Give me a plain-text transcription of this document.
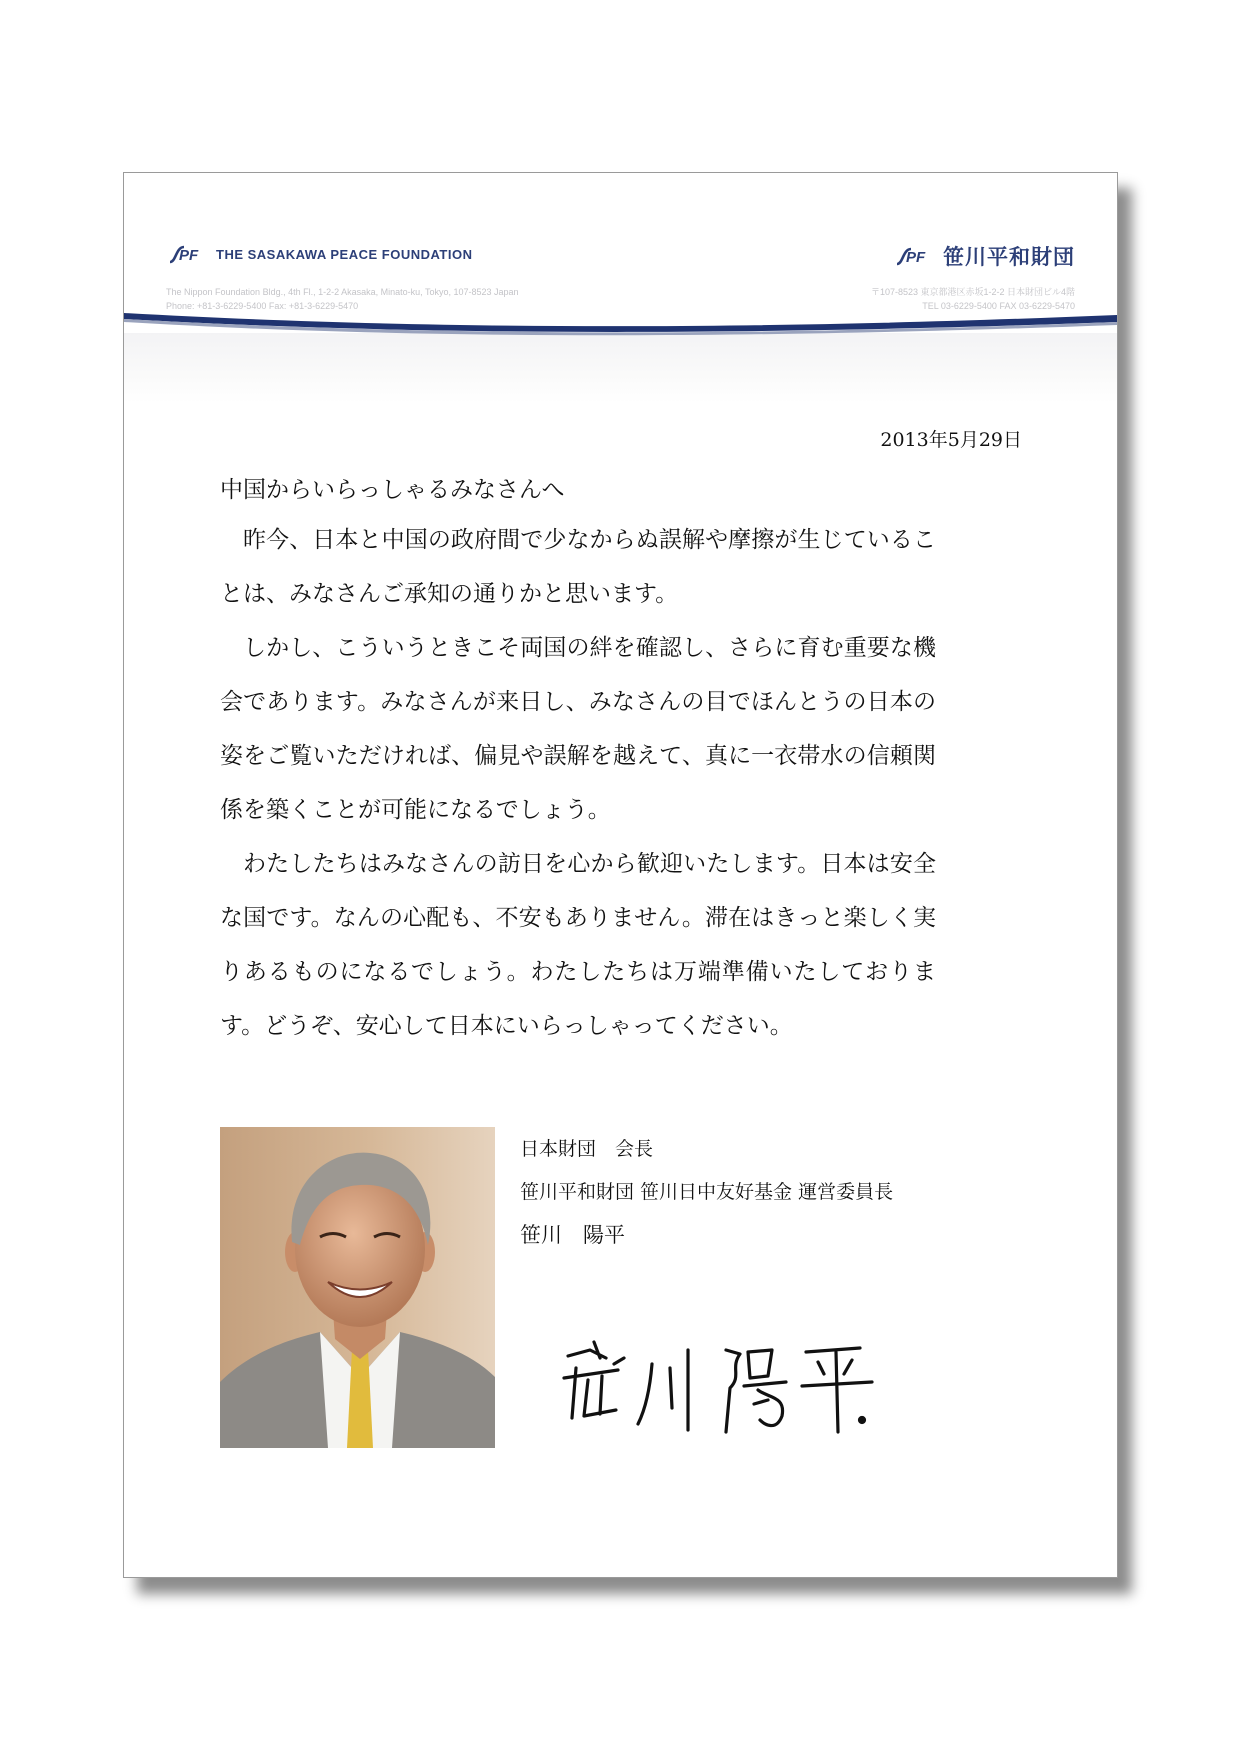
PF THE SASAKAWA PEACE FOUNDATION	PF 笹川平和財団
The Nippon Foundation Bldg., 4th Fl., 1-2-2 Akasaka, Minato-ku, Tokyo, 107-8523 Japan
Phone: +81-3-6229-5400 Fax: +81-3-6229-5470
〒107-8523 東京都港区赤坂1-2-2 日本財団ビル4階
TEL 03-6229-5400 FAX 03-6229-5470
2013年5月29日
中国からいらっしゃるみなさんへ

昨今、日本と中国の政府間で少なからぬ誤解や摩擦が生じていることは、みなさんご承知の通りかと思います。

しかし、こういうときこそ両国の絆を確認し、さらに育む重要な機会であります。みなさんが来日し、みなさんの目でほんとうの日本の姿をご覧いただければ、偏見や誤解を越えて、真に一衣帯水の信頼関係を築くことが可能になるでしょう。

わたしたちはみなさんの訪日を心から歓迎いたします。日本は安全な国です。なんの心配も、不安もありません。滞在はきっと楽しく実りあるものになるでしょう。わたしたちは万端準備いたしております。どうぞ、安心して日本にいらっしゃってください。

日本財団　会長
笹川平和財団 笹川日中友好基金 運営委員長
笹川　陽平
